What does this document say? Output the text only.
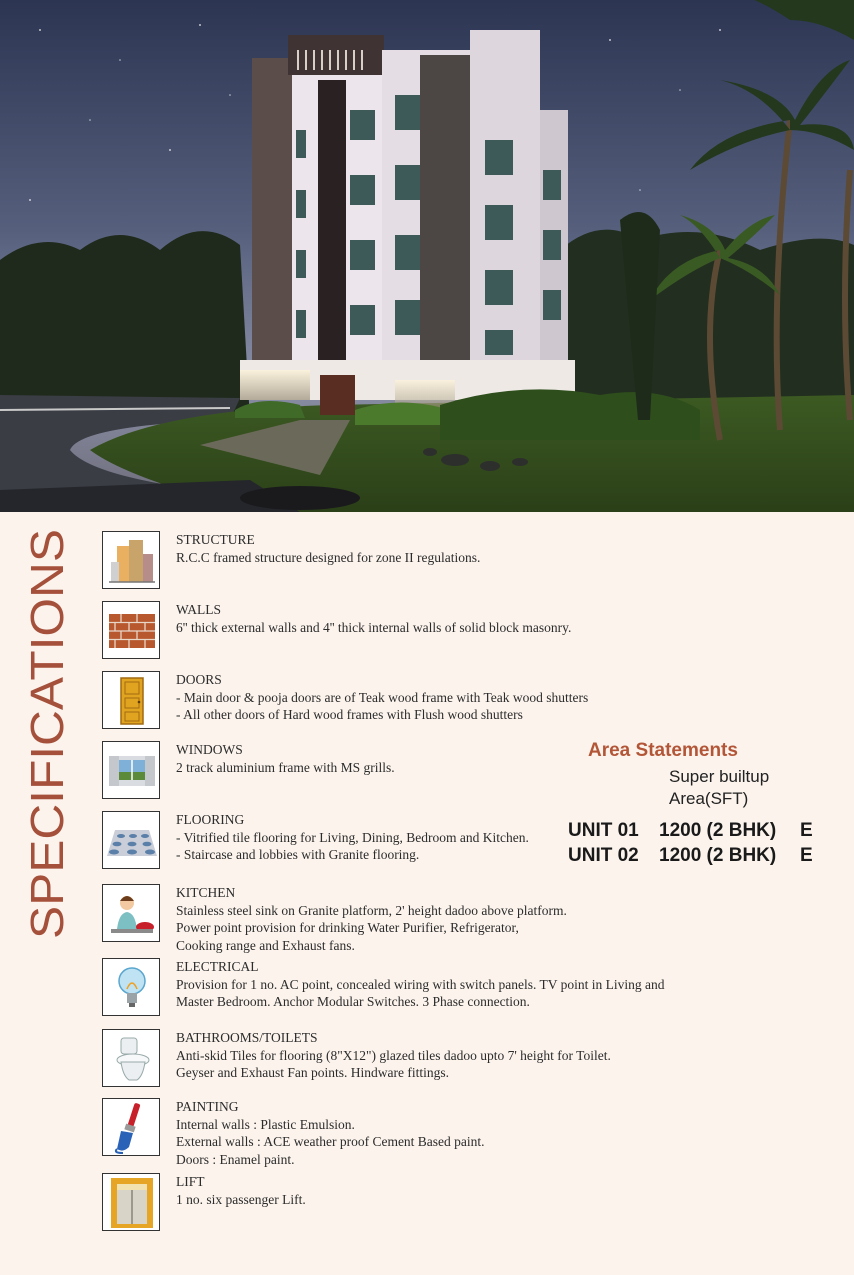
SPECIFICATIONS
STRUCTURE
R.C.C framed structure designed for zone II regulations.
WALLS
6'' thick external walls and 4'' thick internal walls of solid block masonry.
DOORS
- Main door & pooja doors are of Teak wood frame with Teak wood shutters
- All other doors of Hard wood frames with Flush wood shutters
WINDOWS
2 track aluminium frame with MS grills.
FLOORING
- Vitrified tile flooring for Living, Dining, Bedroom and Kitchen.
- Staircase and lobbies with Granite flooring.
KITCHEN
Stainless steel sink on Granite platform, 2' height dadoo above platform.
Power point provision for drinking Water Purifier, Refrigerator,
Cooking range and Exhaust fans.
ELECTRICAL
Provision for 1 no. AC point, concealed wiring with switch panels. TV point in Living and
Master Bedroom. Anchor Modular Switches. 3 Phase connection.
BATHROOMS/TOILETS
Anti-skid Tiles for flooring (8"X12") glazed tiles dadoo upto 7' height for Toilet.
Geyser and Exhaust Fan points. Hindware fittings.
PAINTING
Internal walls : Plastic Emulsion.
External walls : ACE weather proof Cement Based paint.
Doors : Enamel paint.
LIFT
1 no. six passenger Lift.
Area Statements
Super builtup
Area(SFT)
UNIT 01 1200 (2 BHK) E
UNIT 02 1200 (2 BHK) E
